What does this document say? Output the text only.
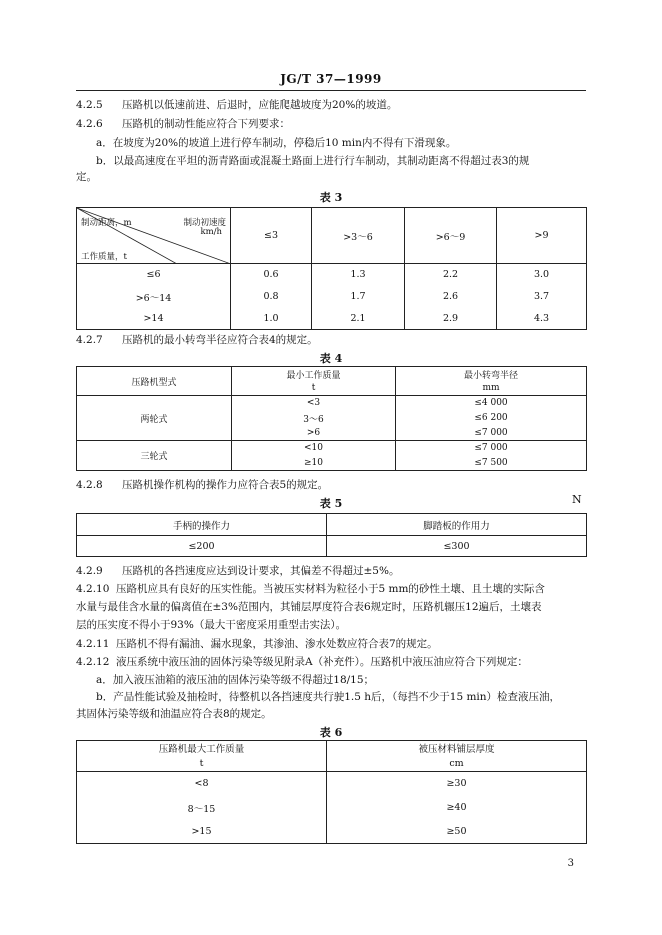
JG/T 37—1999
4.2.5 压路机以低速前进、后退时，应能爬越坡度为20%的坡道。
4.2.6 压路机的制动性能应符合下列要求：
a．在坡度为20%的坡道上进行停车制动，停稳后10 min内不得有下滑现象。
b．以最高速度在平坦的沥青路面或混凝土路面上进行行车制动，其制动距离不得超过表3的规
定。
表 3
制动距离，m 制动初速度
km/h
工作质量，t	≤3	>3～6	>6～9	>9
≤6	0.6	1.3	2.2	3.0
>6～14	0.8	1.7	2.6	3.7
>14	1.0	2.1	2.9	4.3
4.2.7 压路机的最小转弯半径应符合表4的规定。
表 4
压路机型式	最小工作质量	最小转弯半径
	t	mm
两轮式	<3	≤4 000
	3～6	≤6 200
	>6	≤7 000
三轮式	<10	≤7 000
	≥10	≤7 500
4.2.8 压路机操作机构的操作力应符合表5的规定。
表 5	N
手柄的操作力	脚踏板的作用力
≤200	≤300
4.2.9 压路机的各挡速度应达到设计要求，其偏差不得超过±5%。
4.2.10 压路机应具有良好的压实性能。当被压实材料为粒径小于5 mm的砂性土壤、且土壤的实际含
水量与最佳含水量的偏离值在±3%范围内，其铺层厚度符合表6规定时，压路机辗压12遍后，土壤表
层的压实度不得小于93%（最大干密度采用重型击实法）。
4.2.11 压路机不得有漏油、漏水现象，其渗油、渗水处数应符合表7的规定。
4.2.12 液压系统中液压油的固体污染等级见附录A（补充件）。压路机中液压油应符合下列规定：
a．加入液压油箱的液压油的固体污染等级不得超过18/15；
b．产品性能试验及抽检时，待整机以各挡速度共行驶1.5 h后，（每挡不少于15 min）检查液压油，
其固体污染等级和油温应符合表8的规定。
表 6
压路机最大工作质量	被压材料铺层厚度
t	cm
<8	≥30
8～15	≥40
>15	≥50
3
